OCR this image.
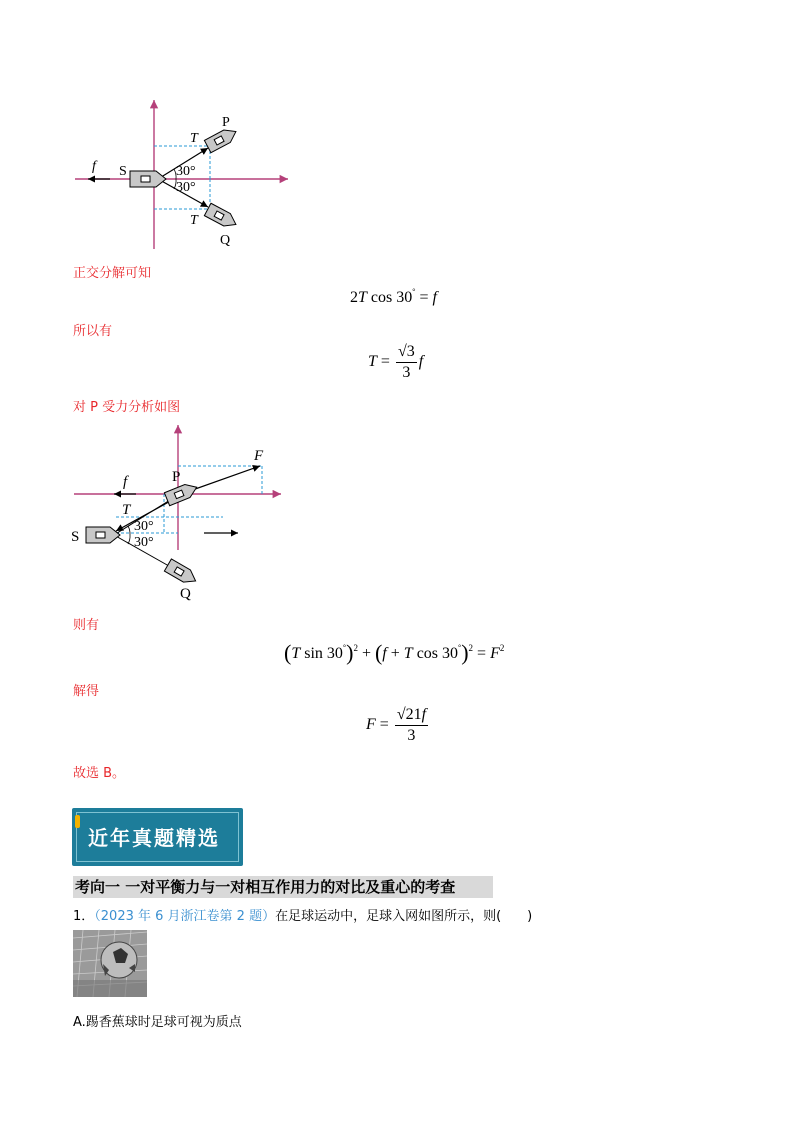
f S
P
Q
T
T
30°
30°
正交分解可知
2T cos 30° = f
所以有
$T = \frac{√3}{3}$ f
对 P 受力分析如图
F
f	P
T
S
Q
30°
30°
则有
(T sin 30°)$^2$ + (f + T $\cos 30^\circ)^2 = F^2$
解得
$F = \frac{√21f}{3}$
故选 B。
近年真题精选
考向一 一对平衡力与一对相互作用力的对比及重心的考查
1．（2023 年 6 月浙江卷第 2 题）在足球运动中，足球入网如图所示，则(　　)
A.踢香蕉球时足球可视为质点
